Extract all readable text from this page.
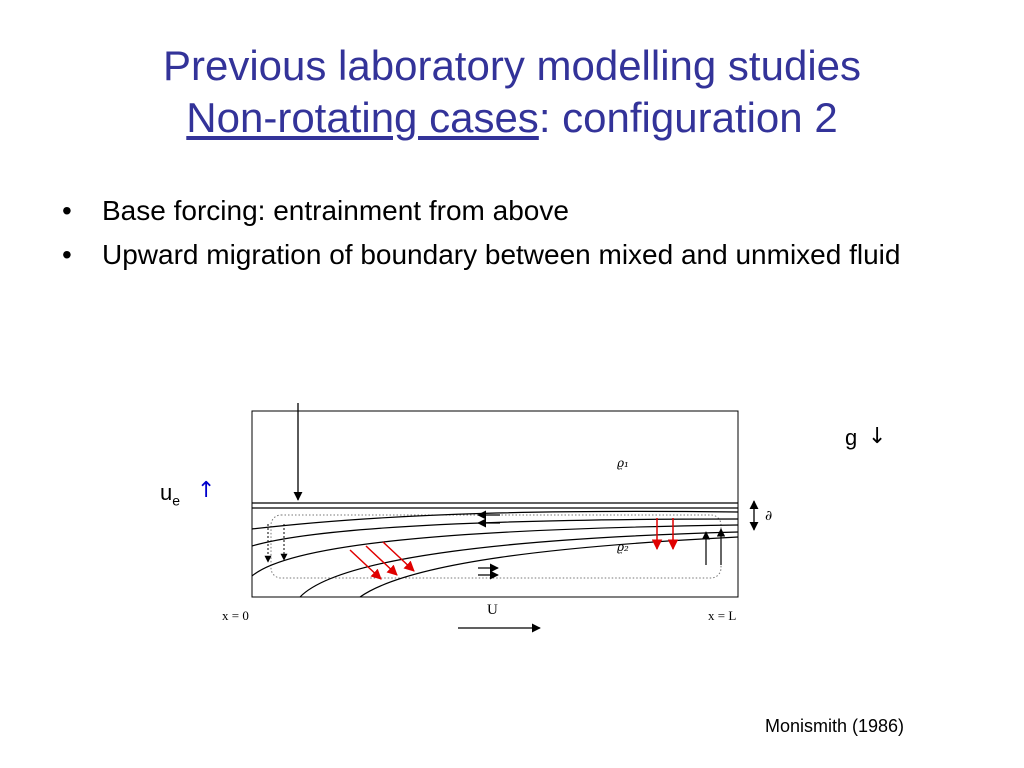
Previous laboratory modelling studies
Non-rotating cases: configuration 2
• Base forcing: entrainment from above
• Upward migration of boundary between mixed and unmixed fluid
ϱ₁
ϱ₂
x = 0	x = L
U
∂
$u_e$ ↑
g ↓
Monismith (1986)
